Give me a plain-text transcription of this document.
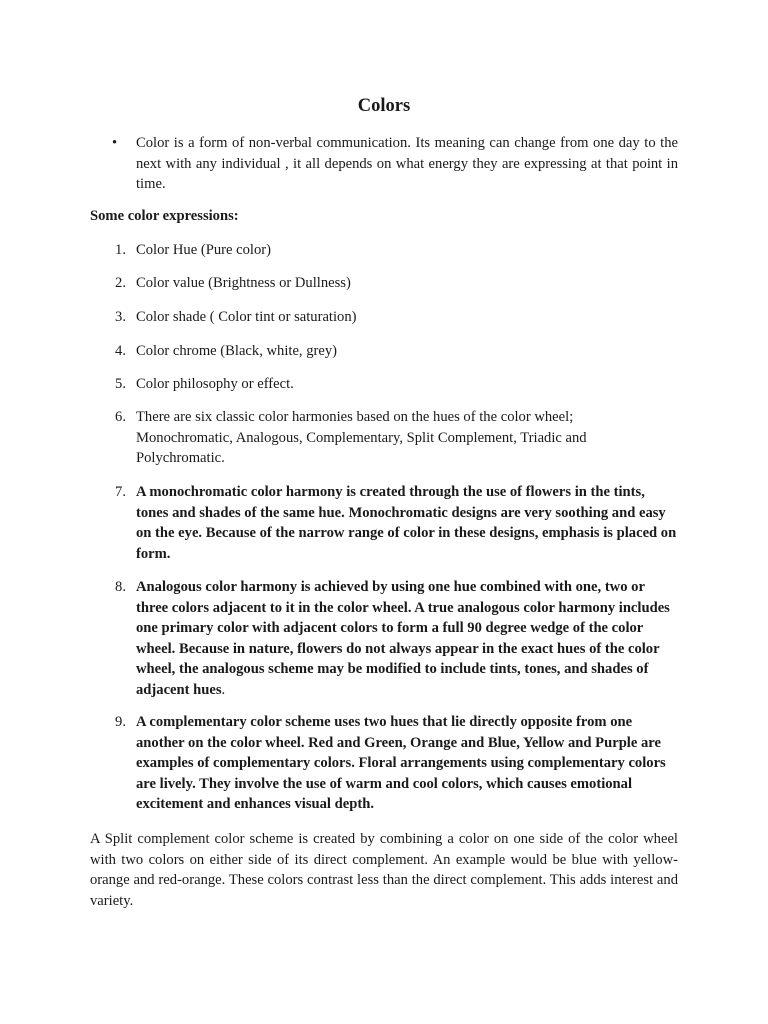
Colors
•	Color is a form of non-verbal communication. Its meaning can change from one day to the next with any individual , it all depends on what energy they are expressing at that point in time.
Some color expressions:
1. Color Hue (Pure color)
2. Color value (Brightness or Dullness)
3. Color shade ( Color tint or saturation)
4. Color chrome (Black, white, grey)
5. Color philosophy or effect.
6. There are six classic color harmonies based on the hues of the color wheel; Monochromatic, Analogous, Complementary, Split Complement, Triadic and Polychromatic.
7. A monochromatic color harmony is created through the use of flowers in the tints, tones and shades of the same hue. Monochromatic designs are very soothing and easy on the eye. Because of the narrow range of color in these designs, emphasis is placed on form.
8. Analogous color harmony is achieved by using one hue combined with one, two or three colors adjacent to it in the color wheel. A true analogous color harmony includes one primary color with adjacent colors to form a full 90 degree wedge of the color wheel. Because in nature, flowers do not always appear in the exact hues of the color wheel, the analogous scheme may be modified to include tints, tones, and shades of adjacent hues.
9. A complementary color scheme uses two hues that lie directly opposite from one another on the color wheel. Red and Green, Orange and Blue, Yellow and Purple are examples of complementary colors. Floral arrangements using complementary colors are lively. They involve the use of warm and cool colors, which causes emotional excitement and enhances visual depth.
A Split complement color scheme is created by combining a color on one side of the color wheel with two colors on either side of its direct complement. An example would be blue with yellow-orange and red-orange. These colors contrast less than the direct complement. This adds interest and variety.
